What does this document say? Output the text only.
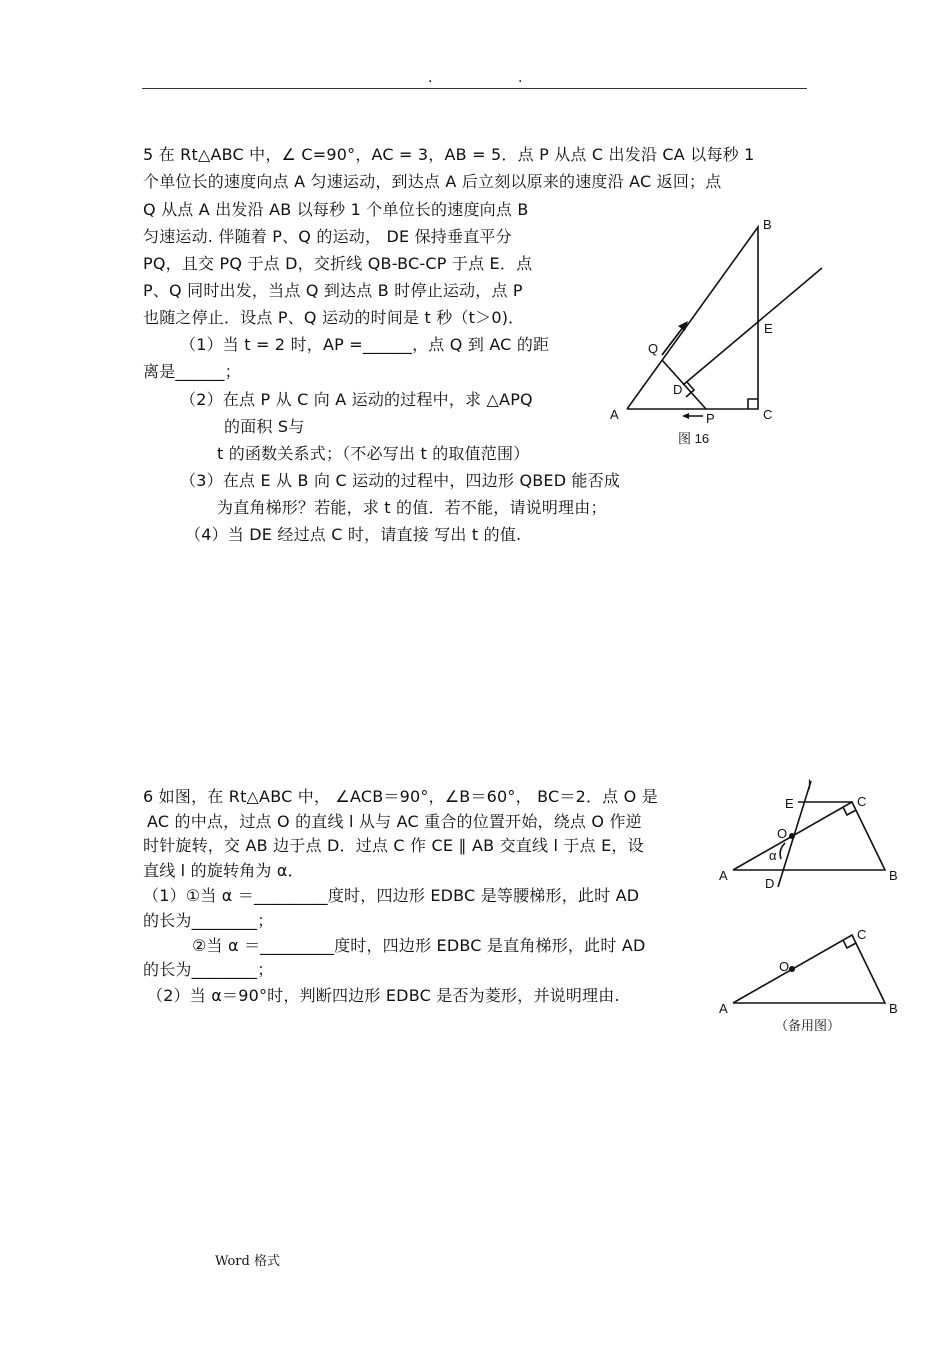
.	.
5 在 Rt△ABC 中，∠ C=90°，AC = 3，AB = 5．点 P 从点 C 出发沿 CA 以每秒 1
个单位长的速度向点 A 匀速运动，到达点 A 后立刻以原来的速度沿 AC 返回；点
Q 从点 A 出发沿 AB 以每秒 1 个单位长的速度向点 B
匀速运动. 伴随着 P、Q 的运动， DE 保持垂直平分
PQ，且交 PQ 于点 D，交折线 QB-BC-CP 于点 E．点
P、Q 同时出发，当点 Q 到达点 B 时停止运动，点 P
也随之停止．设点 P、Q 运动的时间是 t 秒（t＞0)．
（1）当 t = 2 时，AP =______，点 Q 到 AC 的距
离是______；
（2）在点 P 从 C 向 A 运动的过程中，求 △APQ
的面积 S与
t 的函数关系式；（不必写出 t 的取值范围）
（3）在点 E 从 B 向 C 运动的过程中，四边形 QBED 能否成
为直角梯形？若能，求 t 的值．若不能，请说明理由；
（4）当 DE 经过点 C 时，请直接 写出 t 的值.
B
E
Q
D
A	C
P
图 16
6 如图，在 Rt△ABC 中， ∠ACB＝90°，∠B＝60°， BC＝2．点 O 是
AC 的中点，过点 O 的直线 l 从与 AC 重合的位置开始，绕点 O 作逆
时针旋转，交 AB 边于点 D．过点 C 作 CE ∥ AB 交直线 l 于点 E，设
直线 l 的旋转角为 α．
（1）①当 α ＝_________度时，四边形 EDBC 是等腰梯形，此时 AD
的长为________；
②当 α ＝_________度时，四边形 EDBC 是直角梯形，此时 AD
的长为________；
（2）当 α＝90°时，判断四边形 EDBC 是否为菱形，并说明理由.
l
E	C
O
α
A
D
B
C
O
A	B
（备用图）
Word 格式
